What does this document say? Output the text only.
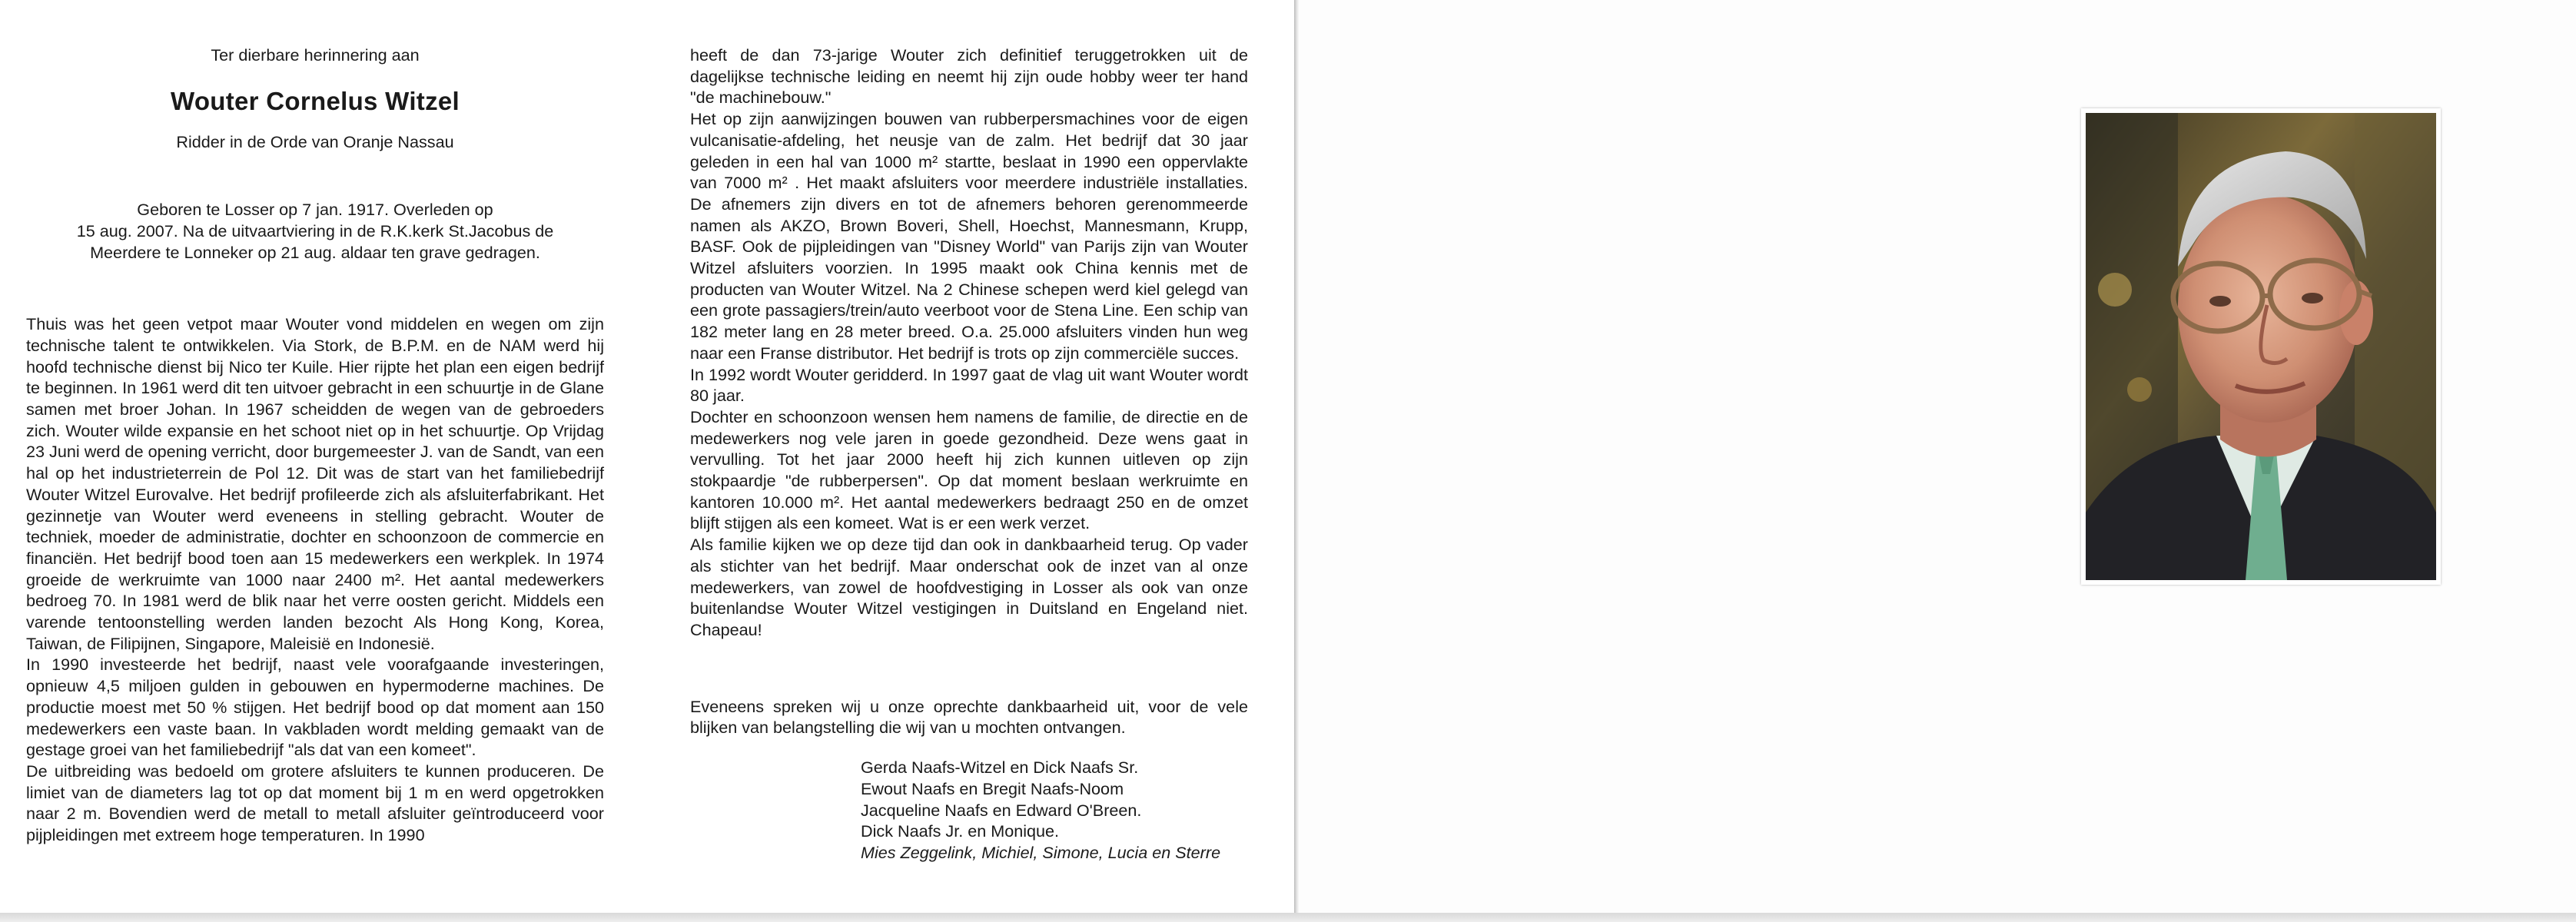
Ter dierbare herinnering aan

Wouter Cornelus Witzel

Ridder in de Orde van Oranje Nassau

Geboren te Losser op 7 jan. 1917. Overleden op
15 aug. 2007. Na de uitvaartviering in de R.K.kerk St.Jacobus de
Meerdere te Lonneker op 21 aug. aldaar ten grave gedragen.

Thuis was het geen vetpot maar Wouter vond middelen en wegen om zijn technische talent te ontwikkelen. Via Stork, de B.P.M. en de NAM werd hij hoofd technische dienst bij Nico ter Kuile. Hier rijpte het plan een eigen bedrijf te beginnen. In 1961 werd dit ten uitvoer gebracht in een schuurtje in de Glane samen met broer Johan. In 1967 scheidden de wegen van de gebroeders zich. Wouter wilde expansie en het schoot niet op in het schuurtje. Op Vrijdag 23 Juni werd de opening verricht, door burgemeester J. van de Sandt, van een hal op het industrieterrein de Pol 12. Dit was de start van het familiebedrijf Wouter Witzel Eurovalve. Het bedrijf profileerde zich als afsluiterfabrikant. Het gezinnetje van Wouter werd eveneens in stelling gebracht. Wouter de techniek, moeder de administratie, dochter en schoonzoon de commercie en financiën. Het bedrijf bood toen aan 15 medewerkers een werkplek. In 1974 groeide de werkruimte van 1000 naar 2400 m². Het aantal medewerkers bedroeg 70. In 1981 werd de blik naar het verre oosten gericht. Middels een varende tentoonstelling werden landen bezocht Als Hong Kong, Korea, Taiwan, de Filipijnen, Singapore, Maleisië en Indonesië.

In 1990 investeerde het bedrijf, naast vele voorafgaande investeringen, opnieuw 4,5 miljoen gulden in gebouwen en hypermoderne machines. De productie moest met 50 % stijgen. Het bedrijf bood op dat moment aan 150 medewerkers een vaste baan. In vakbladen wordt melding gemaakt van de gestage groei van het familiebedrijf "als dat van een komeet".

De uitbreiding was bedoeld om grotere afsluiters te kunnen produceren. De limiet van de diameters lag tot op dat moment bij 1 m en werd opgetrokken naar 2 m. Bovendien werd de metall to metall afsluiter geïntroduceerd voor pijpleidingen met extreem hoge temperaturen. In 1990

heeft de dan 73-jarige Wouter zich definitief teruggetrokken uit de dagelijkse technische leiding en neemt hij zijn oude hobby weer ter hand "de machinebouw."

Het op zijn aanwijzingen bouwen van rubberpersmachines voor de eigen vulcanisatie-afdeling, het neusje van de zalm. Het bedrijf dat 30 jaar geleden in een hal van 1000 m² startte, beslaat in 1990 een oppervlakte van 7000 m² . Het maakt afsluiters voor meerdere industriële installaties. De afnemers zijn divers en tot de afnemers behoren gerenommeerde namen als AKZO, Brown Boveri, Shell, Hoechst, Mannesmann, Krupp, BASF. Ook de pijpleidingen van "Disney World" van Parijs zijn van Wouter Witzel afsluiters voorzien. In 1995 maakt ook China kennis met de producten van Wouter Witzel. Na 2 Chinese schepen werd kiel gelegd van een grote passagiers/trein/auto veerboot voor de Stena Line. Een schip van 182 meter lang en 28 meter breed. O.a. 25.000 afsluiters vinden hun weg naar een Franse distributor. Het bedrijf is trots op zijn commerciële succes.

In 1992 wordt Wouter geridderd. In 1997 gaat de vlag uit want Wouter wordt 80 jaar.

Dochter en schoonzoon wensen hem namens de familie, de directie en de medewerkers nog vele jaren in goede gezondheid. Deze wens gaat in vervulling. Tot het jaar 2000 heeft hij zich kunnen uitleven op zijn stokpaardje "de rubberpersen". Op dat moment beslaan werkruimte en kantoren 10.000 m². Het aantal medewerkers bedraagt 250 en de omzet blijft stijgen als een komeet. Wat is er een werk verzet.

Als familie kijken we op deze tijd dan ook in dankbaarheid terug. Op vader als stichter van het bedrijf. Maar onderschat ook de inzet van al onze medewerkers, van zowel de hoofdvestiging in Losser als ook van onze buitenlandse Wouter Witzel vestigingen in Duitsland en Engeland niet. Chapeau!

Eveneens spreken wij u onze oprechte dankbaarheid uit, voor de vele blijken van belangstelling die wij van u mochten ontvangen.

Gerda Naafs-Witzel en Dick Naafs Sr.
Ewout Naafs en Bregit Naafs-Noom
Jacqueline Naafs en Edward O'Breen.
Dick Naafs Jr. en Monique.
Mies Zeggelink, Michiel, Simone, Lucia en Sterre
